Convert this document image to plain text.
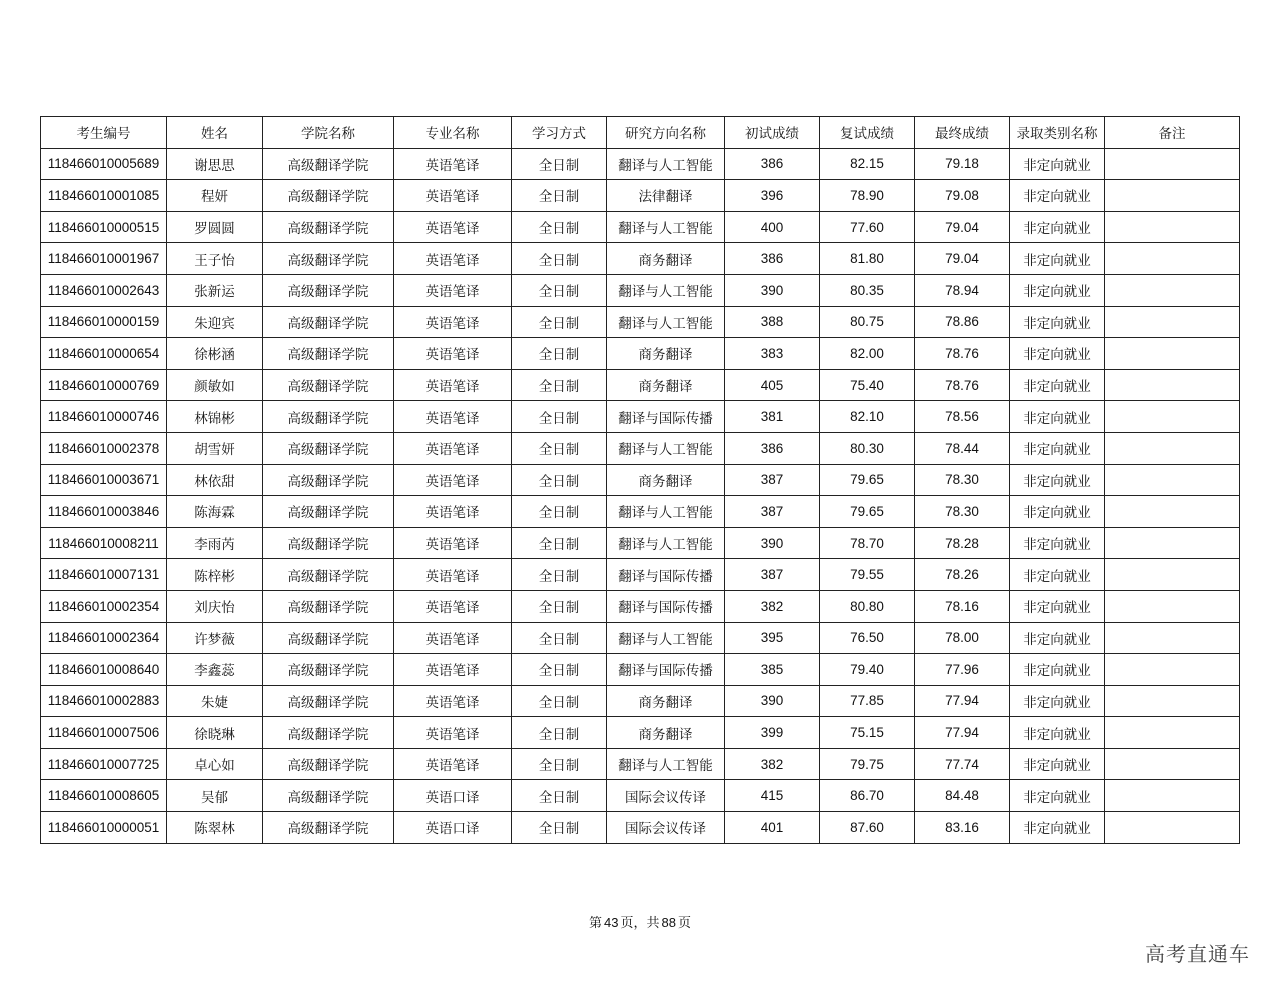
考生编号	姓名	学院名称	专业名称	学习方式	研究方向名称	初试成绩	复试成绩	最终成绩	录取类别名称	备注
118466010005689	谢思思	高级翻译学院	英语笔译	全日制	翻译与人工智能	386	82.15	79.18	非定向就业	
118466010001085	程妍	高级翻译学院	英语笔译	全日制	法律翻译	396	78.90	79.08	非定向就业	
118466010000515	罗圆圆	高级翻译学院	英语笔译	全日制	翻译与人工智能	400	77.60	79.04	非定向就业	
118466010001967	王子怡	高级翻译学院	英语笔译	全日制	商务翻译	386	81.80	79.04	非定向就业	
118466010002643	张新运	高级翻译学院	英语笔译	全日制	翻译与人工智能	390	80.35	78.94	非定向就业	
118466010000159	朱迎宾	高级翻译学院	英语笔译	全日制	翻译与人工智能	388	80.75	78.86	非定向就业	
118466010000654	徐彬涵	高级翻译学院	英语笔译	全日制	商务翻译	383	82.00	78.76	非定向就业	
118466010000769	颜敏如	高级翻译学院	英语笔译	全日制	商务翻译	405	75.40	78.76	非定向就业	
118466010000746	林锦彬	高级翻译学院	英语笔译	全日制	翻译与国际传播	381	82.10	78.56	非定向就业	
118466010002378	胡雪妍	高级翻译学院	英语笔译	全日制	翻译与人工智能	386	80.30	78.44	非定向就业	
118466010003671	林依甜	高级翻译学院	英语笔译	全日制	商务翻译	387	79.65	78.30	非定向就业	
118466010003846	陈海霖	高级翻译学院	英语笔译	全日制	翻译与人工智能	387	79.65	78.30	非定向就业	
118466010008211	李雨芮	高级翻译学院	英语笔译	全日制	翻译与人工智能	390	78.70	78.28	非定向就业	
118466010007131	陈梓彬	高级翻译学院	英语笔译	全日制	翻译与国际传播	387	79.55	78.26	非定向就业	
118466010002354	刘庆怡	高级翻译学院	英语笔译	全日制	翻译与国际传播	382	80.80	78.16	非定向就业	
118466010002364	许梦薇	高级翻译学院	英语笔译	全日制	翻译与人工智能	395	76.50	78.00	非定向就业	
118466010008640	李鑫蕊	高级翻译学院	英语笔译	全日制	翻译与国际传播	385	79.40	77.96	非定向就业	
118466010002883	朱婕	高级翻译学院	英语笔译	全日制	商务翻译	390	77.85	77.94	非定向就业	
118466010007506	徐晓琳	高级翻译学院	英语笔译	全日制	商务翻译	399	75.15	77.94	非定向就业	
118466010007725	卓心如	高级翻译学院	英语笔译	全日制	翻译与人工智能	382	79.75	77.74	非定向就业	
118466010008605	吴郁	高级翻译学院	英语口译	全日制	国际会议传译	415	86.70	84.48	非定向就业	
118466010000051	陈翠林	高级翻译学院	英语口译	全日制	国际会议传译	401	87.60	83.16	非定向就业	
第 43 页，共 88 页
高考直通车
